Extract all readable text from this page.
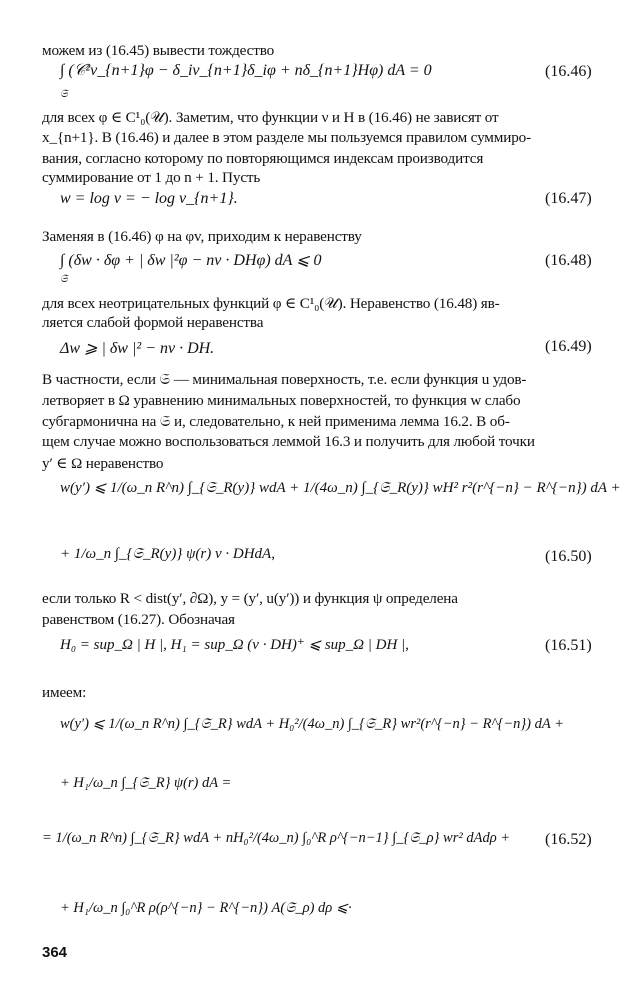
можем из (16.45) вывести тождество
∫ (𝒞²ν_{n+1}φ − δ_iν_{n+1}δ_iφ + nδ_{n+1}Hφ) dA = 0
𝔖
(16.46)
для всех φ ∈ C¹₀(𝒰). Заметим, что функции ν и H в (16.46) не зависят от
x_{n+1}. В (16.46) и далее в этом разделе мы пользуемся правилом суммиро-
вания, согласно которому по повторяющимся индексам производится
суммирование от 1 до n + 1. Пусть
w = log v = − log ν_{n+1}.	(16.47)
Заменяя в (16.46) φ на φv, приходим к неравенству
∫ (δw · δφ + | δw |²φ − nv · DHφ) dA ⩽ 0
𝔖
(16.48)
для всех неотрицательных функций φ ∈ C¹₀(𝒰). Неравенство (16.48) яв-
ляется слабой формой неравенства
Δw ⩾ | δw |² − nv · DH.	(16.49)
В частности, если 𝔖 — минимальная поверхность, т.е. если функция u удов-
летворяет в Ω уравнению минимальных поверхностей, то функция w слабо
субгармонична на 𝔖 и, следовательно, к ней применима лемма 16.2. В об-
щем случае можно воспользоваться леммой 16.3 и получить для любой точки
y′ ∈ Ω неравенство
w(y′) ⩽ 1/(ω_n R^n) ∫_{𝔖_R(y)} wdA + 1/(4ω_n) ∫_{𝔖_R(y)} wH² r²(r^{−n} − R^{−n}) dA +
+ 1/ω_n ∫_{𝔖_R(y)} ψ(r) v · DHdA,	(16.50)
если только R < dist(y′, ∂Ω), y = (y′, u(y′)) и функция ψ определена
равенством (16.27). Обозначая
H₀ = sup_Ω | H |, H₁ = sup_Ω (v · DH)⁺ ⩽ sup_Ω | DH |,	(16.51)
имеем:
w(y′) ⩽ 1/(ω_n R^n) ∫_{𝔖_R} wdA + H₀²/(4ω_n) ∫_{𝔖_R} wr²(r^{−n} − R^{−n}) dA +
+ H₁/ω_n ∫_{𝔖_R} ψ(r) dA =
= 1/(ω_n R^n) ∫_{𝔖_R} wdA + nH₀²/(4ω_n) ∫₀^R ρ^{−n−1} ∫_{𝔖_ρ} wr² dAdρ + (16.52)
+ H₁/ω_n ∫₀^R ρ(ρ^{−n} − R^{−n}) A(𝔖_ρ) dρ ⩽·
364
